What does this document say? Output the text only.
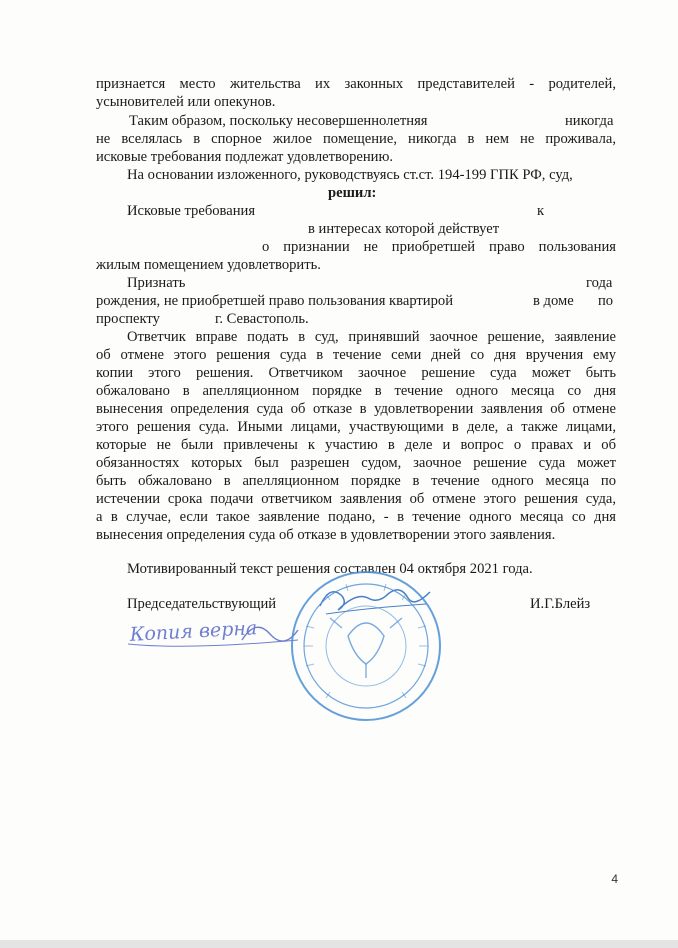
признается место жительства их законных представителей - родителей,
усыновителей или опекунов.
Таким образом, поскольку несовершеннолетняя	никогда
не вселялась в спорное жилое помещение, никогда в нем не проживала,
исковые требования подлежат удовлетворению.
На основании изложенного, руководствуясь ст.ст. 194-199 ГПК РФ, суд,
решил:
Исковые требования	к
в интересах которой действует
о признании не приобретшей право пользования
жилым помещением удовлетворить.
Признать	года
рождения, не приобретшей право пользования квартирой	в доме по
проспекту	г. Севастополь.
Ответчик вправе подать в суд, принявший заочное решение, заявление
об отмене этого решения суда в течение семи дней со дня вручения ему
копии этого решения. Ответчиком заочное решение суда может быть
обжаловано в апелляционном порядке в течение одного месяца со дня
вынесения определения суда об отказе в удовлетворении заявления об отмене
этого решения суда. Иными лицами, участвующими в деле, а также лицами,
которые не были привлечены к участию в деле и вопрос о правах и об
обязанностях которых был разрешен судом, заочное решение суда может
быть обжаловано в апелляционном порядке в течение одного месяца по
истечении срока подачи ответчиком заявления об отмене этого решения суда,
а в случае, если такое заявление подано, - в течение одного месяца со дня
вынесения определения суда об отказе в удовлетворении этого заявления.
Мотивированный текст решения составлен 04 октября 2021 года.
Председательствующий	И.Г.Блейз
Копия верна
4
